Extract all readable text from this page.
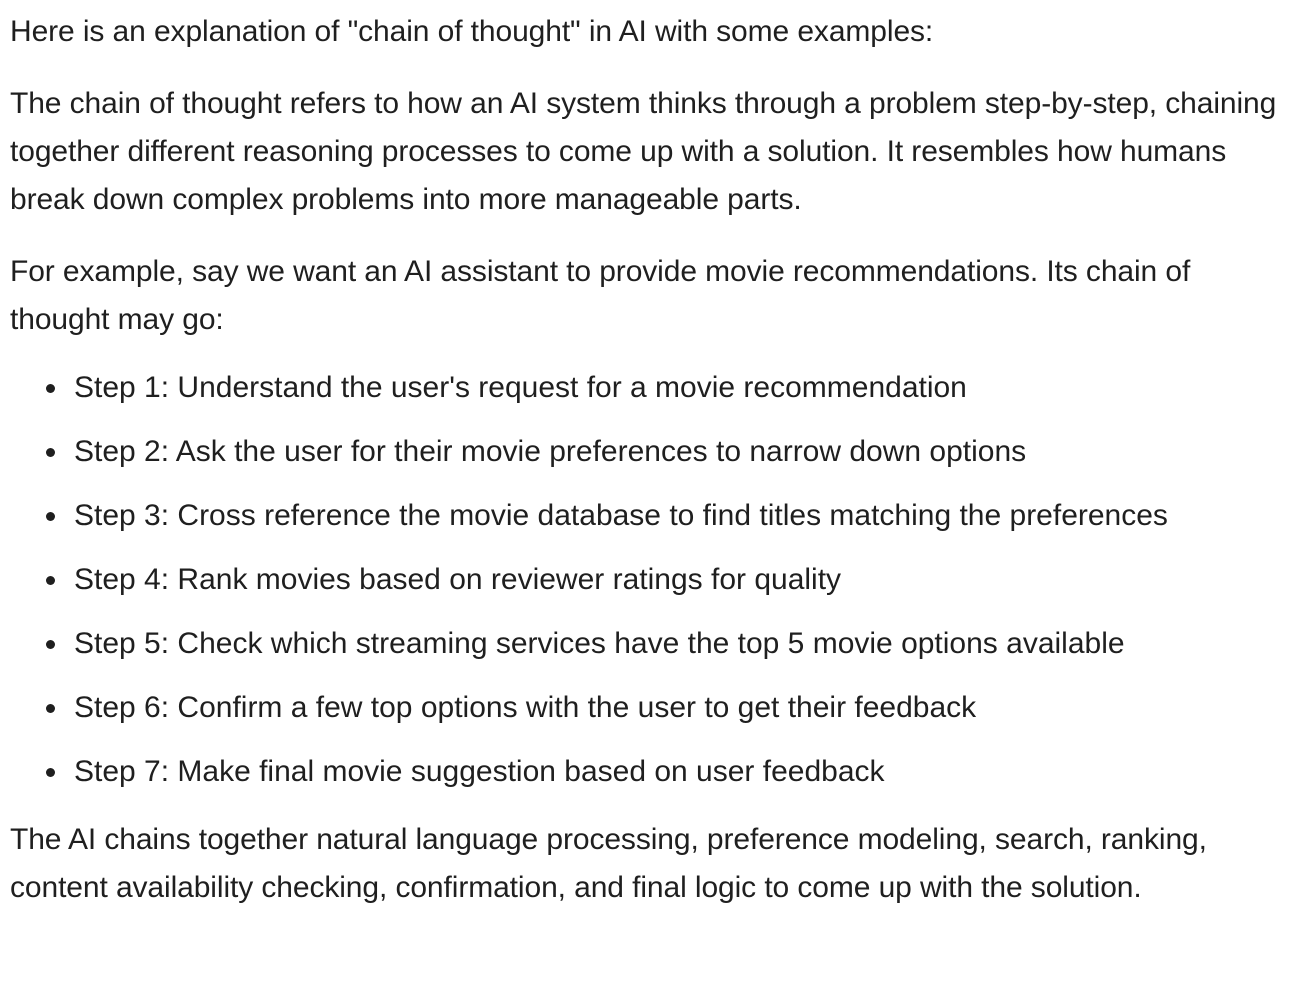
Here is an explanation of "chain of thought" in AI with some examples:

The chain of thought refers to how an AI system thinks through a problem step-by-step, chaining together different reasoning processes to come up with a solution. It resembles how humans break down complex problems into more manageable parts.

For example, say we want an AI assistant to provide movie recommendations. Its chain of thought may go:

Step 1: Understand the user's request for a movie recommendation
Step 2: Ask the user for their movie preferences to narrow down options
Step 3: Cross reference the movie database to find titles matching the preferences
Step 4: Rank movies based on reviewer ratings for quality
Step 5: Check which streaming services have the top 5 movie options available
Step 6: Confirm a few top options with the user to get their feedback
Step 7: Make final movie suggestion based on user feedback

The AI chains together natural language processing, preference modeling, search, ranking, content availability checking, confirmation, and final logic to come up with the solution.
